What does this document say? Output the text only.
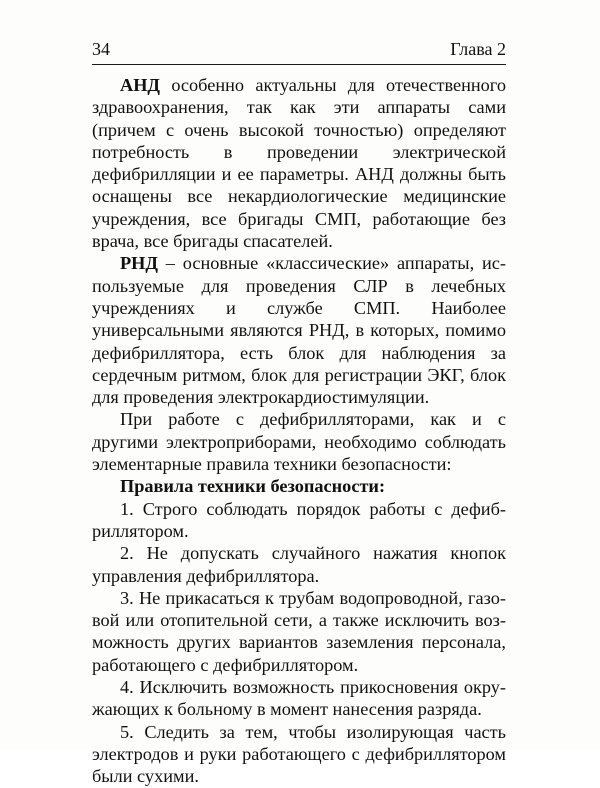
34	Глава 2

АНД особенно актуальны для отечественного здравоохранения, так как эти аппараты сами (причем с очень высокой точностью) определяют потребность в проведении электрической дефибрилляции и ее параметры. АНД должны быть оснащены все некардиологические медицинские учреждения, все бригады СМП, работающие без врача, все бригады спасателей.

РНД – основные «классические» аппараты, используемые для проведения СЛР в лечебных учреждениях и службе СМП. Наиболее универсальными являются РНД, в которых, помимо дефибриллятора, есть блок для наблюдения за сердечным ритмом, блок для регистрации ЭКГ, блок для проведения электрокардиостимуляции.

При работе с дефибрилляторами, как и с другими электроприборами, необходимо соблюдать элементарные правила техники безопасности:

Правила техники безопасности:

1. Строго соблюдать порядок работы с дефибриллятором.

2. Не допускать случайного нажатия кнопок управления дефибриллятора.

3. Не прикасаться к трубам водопроводной, газовой или отопительной сети, а также исключить возможность других вариантов заземления персонала, работающего с дефибриллятором.

4. Исключить возможность прикосновения окружающих к больному в момент нанесения разряда.

5. Следить за тем, чтобы изолирующая часть электродов и руки работающего с дефибриллятором были сухими.
